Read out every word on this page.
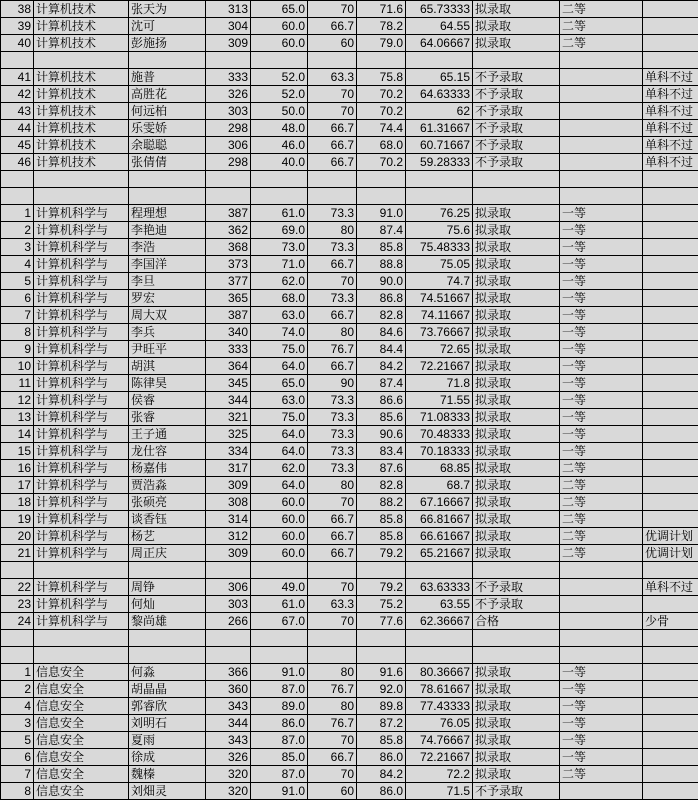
38	计算机技术	张天为	313	65.0	70	71.6	65.73333	拟录取	二等	
39	计算机技术	沈可	304	60.0	66.7	78.2	64.55	拟录取	二等	
40	计算机技术	彭施扬	309	60.0	60	79.0	64.06667	拟录取	二等	

41	计算机技术	施普	333	52.0	63.3	75.8	65.15	不予录取		单科不过
42	计算机技术	高胜花	326	52.0	70	70.2	64.63333	不予录取		单科不过
43	计算机技术	何远柏	303	50.0	70	70.2	62	不予录取		单科不过
44	计算机技术	乐雯娇	298	48.0	66.7	74.4	61.31667	不予录取		单科不过
45	计算机技术	余聪聪	306	46.0	66.7	68.0	60.71667	不予录取		单科不过
46	计算机技术	张倩倩	298	40.0	66.7	70.2	59.28333	不予录取		单科不过

1	计算机科学与	程理想	387	61.0	73.3	91.0	76.25	拟录取	一等	
2	计算机科学与	李艳迪	362	69.0	80	87.4	75.6	拟录取	一等	
3	计算机科学与	李浩	368	73.0	73.3	85.8	75.48333	拟录取	一等	
4	计算机科学与	李国洋	373	71.0	66.7	88.8	75.05	拟录取	一等	
5	计算机科学与	李旦	377	62.0	70	90.0	74.7	拟录取	一等	
6	计算机科学与	罗宏	365	68.0	73.3	86.8	74.51667	拟录取	一等	
7	计算机科学与	周大双	387	63.0	66.7	82.8	74.11667	拟录取	一等	
8	计算机科学与	李兵	340	74.0	80	84.6	73.76667	拟录取	一等	
9	计算机科学与	尹旺平	333	75.0	76.7	84.4	72.65	拟录取	一等	
10	计算机科学与	胡淇	364	64.0	66.7	84.2	72.21667	拟录取	一等	
11	计算机科学与	陈律昊	345	65.0	90	87.4	71.8	拟录取	一等	
12	计算机科学与	侯睿	344	63.0	73.3	86.6	71.55	拟录取	一等	
13	计算机科学与	张睿	321	75.0	73.3	85.6	71.08333	拟录取	一等	
14	计算机科学与	王子通	325	64.0	73.3	90.6	70.48333	拟录取	一等	
15	计算机科学与	龙仕容	334	64.0	73.3	83.4	70.18333	拟录取	一等	
16	计算机科学与	杨嘉伟	317	62.0	73.3	87.6	68.85	拟录取	二等	
17	计算机科学与	贾浩淼	309	64.0	80	82.8	68.7	拟录取	二等	
18	计算机科学与	张硕亮	308	60.0	70	88.2	67.16667	拟录取	二等	
19	计算机科学与	谈香钰	314	60.0	66.7	85.8	66.81667	拟录取	二等	
20	计算机科学与	杨艺	312	60.0	66.7	85.8	66.61667	拟录取	二等	优调计划
21	计算机科学与	周正庆	309	60.0	66.7	79.2	65.21667	拟录取	二等	优调计划

22	计算机科学与	周铮	306	49.0	70	79.2	63.63333	不予录取		单科不过
23	计算机科学与	何灿	303	61.0	63.3	75.2	63.55	不予录取		
24	计算机科学与	黎尚雄	266	67.0	70	77.6	62.36667	合格		少骨

1	信息安全	何淼	366	91.0	80	91.6	80.36667	拟录取	一等	
2	信息安全	胡晶晶	360	87.0	76.7	92.0	78.61667	拟录取	一等	
4	信息安全	郭睿欣	343	89.0	80	89.8	77.43333	拟录取	一等	
3	信息安全	刘明石	344	86.0	76.7	87.2	76.05	拟录取	一等	
5	信息安全	夏雨	343	87.0	70	85.8	74.76667	拟录取	一等	
6	信息安全	徐成	326	85.0	66.7	86.0	72.21667	拟录取	一等	
7	信息安全	魏榛	320	87.0	70	84.2	72.2	拟录取	二等	
8	信息安全	刘畑灵	320	91.0	60	86.0	71.5	不予录取		
